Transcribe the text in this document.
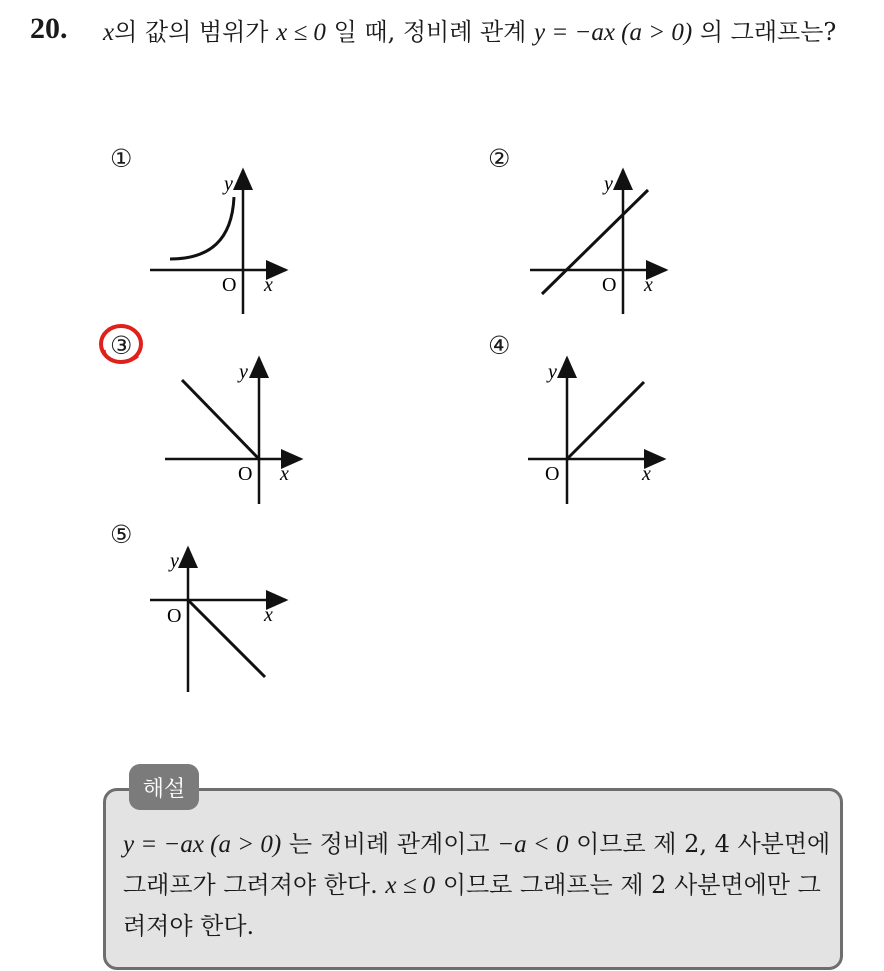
20. x의 값의 범위가 x ≤ 0 일 때, 정비례 관계 y = −ax (a > 0) 의 그래프는?

①
y
O x
②
y
O x
③
y
O x
④
y
O	x
⑤
y
O	x
해설

y = −ax (a > 0) 는 정비례 관계이고 −a < 0 이므로 제 2, 4 사분면에 그래프가 그려져야 한다. x ≤ 0 이므로 그래프는 제 2 사분면에만 그려져야 한다.
